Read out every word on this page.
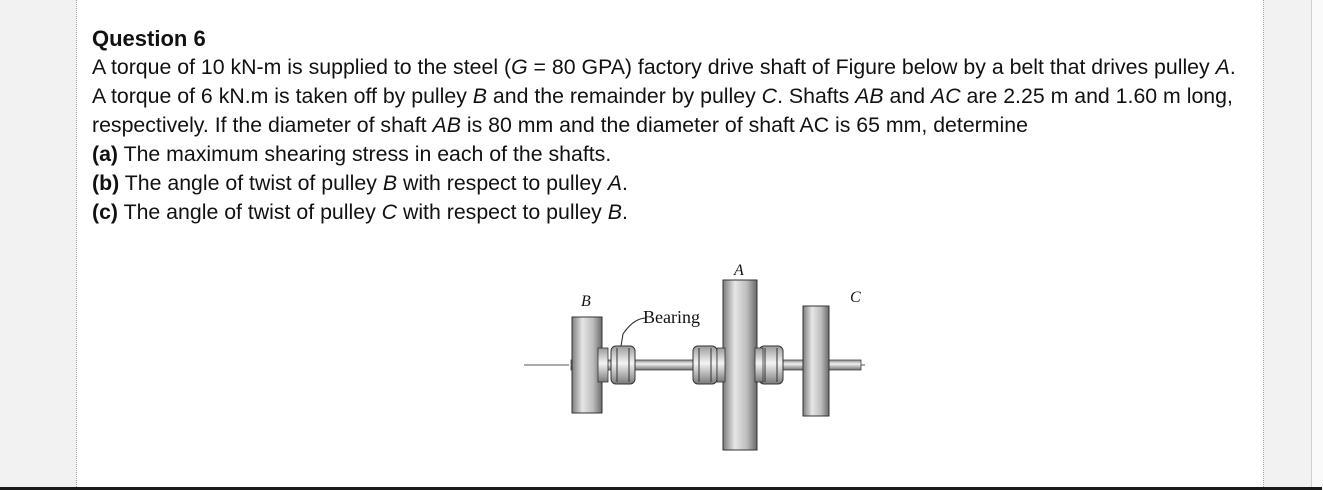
Question 6

A torque of 10 kN-m is supplied to the steel (G = 80 GPA) factory drive shaft of Figure below by a belt that drives pulley A. A torque of 6 kN.m is taken off by pulley B and the remainder by pulley C. Shafts AB and AC are 2.25 m and 1.60 m long, respectively. If the diameter of shaft AB is 80 mm and the diameter of shaft AC is 65 mm, determine

(a) The maximum shearing stress in each of the shafts.

(b) The angle of twist of pulley B with respect to pulley A.

(c) The angle of twist of pulley C with respect to pulley B.

A
B	C
Bearing
